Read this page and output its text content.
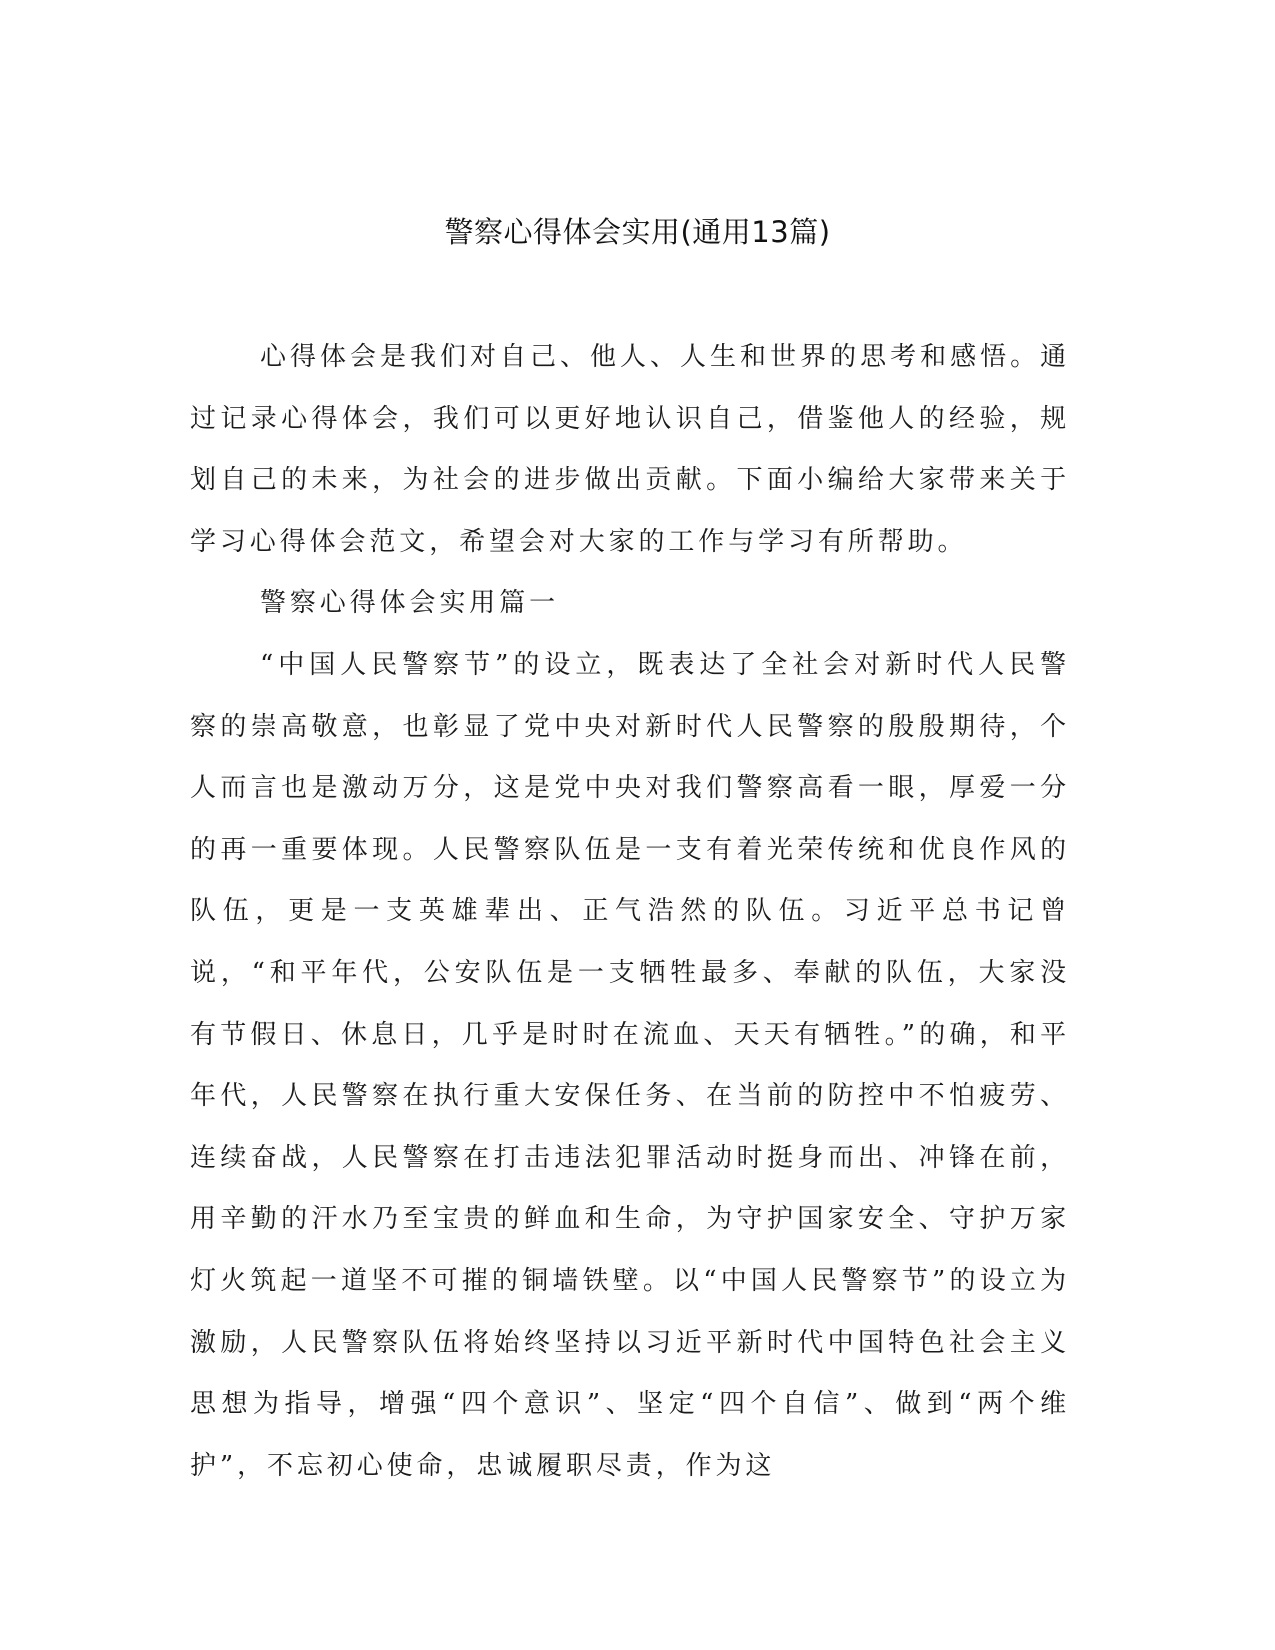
警察心得体会实用(通用13篇)

心得体会是我们对自己、他人、人生和世界的思考和感悟。通过记录心得体会，我们可以更好地认识自己，借鉴他人的经验，规划自己的未来，为社会的进步做出贡献。下面小编给大家带来关于学习心得体会范文，希望会对大家的工作与学习有所帮助。

警察心得体会实用篇一

“中国人民警察节”的设立，既表达了全社会对新时代人民警察的崇高敬意，也彰显了党中央对新时代人民警察的殷殷期待，个人而言也是激动万分，这是党中央对我们警察高看一眼，厚爱一分的再一重要体现。人民警察队伍是一支有着光荣传统和优良作风的队伍，更是一支英雄辈出、正气浩然的队伍。习近平总书记曾说，“和平年代，公安队伍是一支牺牲最多、奉献的队伍，大家没有节假日、休息日，几乎是时时在流血、天天有牺牲。”的确，和平年代，人民警察在执行重大安保任务、在当前的防控中不怕疲劳、连续奋战，人民警察在打击违法犯罪活动时挺身而出、冲锋在前，用辛勤的汗水乃至宝贵的鲜血和生命，为守护国家安全、守护万家灯火筑起一道坚不可摧的铜墙铁壁。以“中国人民警察节”的设立为激励，人民警察队伍将始终坚持以习近平新时代中国特色社会主义思想为指导，增强“四个意识”、坚定“四个自信”、做到“两个维护”，不忘初心使命，忠诚履职尽责，作为这
